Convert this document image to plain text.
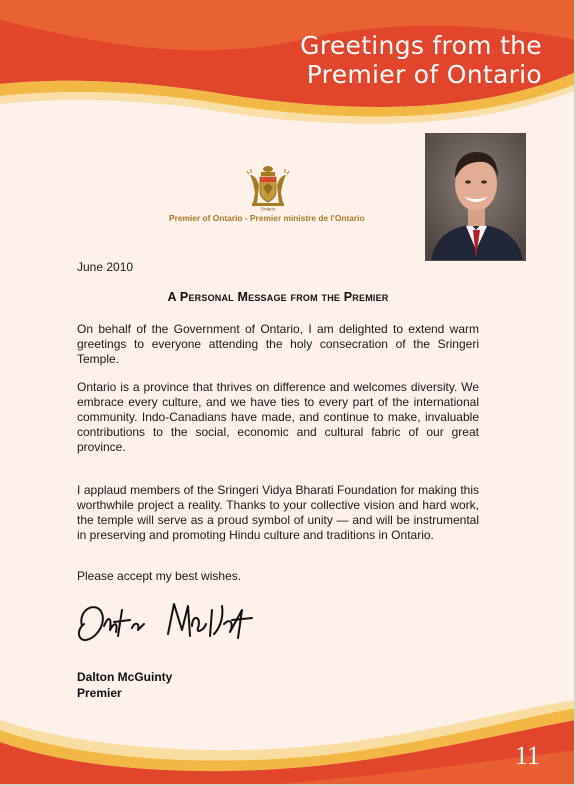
Greetings from the
Premier of Ontario
Ontario
Premier of Ontario - Premier ministre de l'Ontario
June 2010
A Personal Message from the Premier

On behalf of the Government of Ontario, I am delighted to extend warm greetings to everyone attending the holy consecration of the Sringeri Temple.

Ontario is a province that thrives on difference and welcomes diversity. We embrace every culture, and we have ties to every part of the international community. Indo-Canadians have made, and continue to make, invaluable contributions to the social, economic and cultural fabric of our great province.

I applaud members of the Sringeri Vidya Bharati Foundation for making this worthwhile project a reality. Thanks to your collective vision and hard work, the temple will serve as a proud symbol of unity — and will be instrumental in preserving and promoting Hindu culture and traditions in Ontario.

Please accept my best wishes.
Dalton McGuinty
Premier
11
